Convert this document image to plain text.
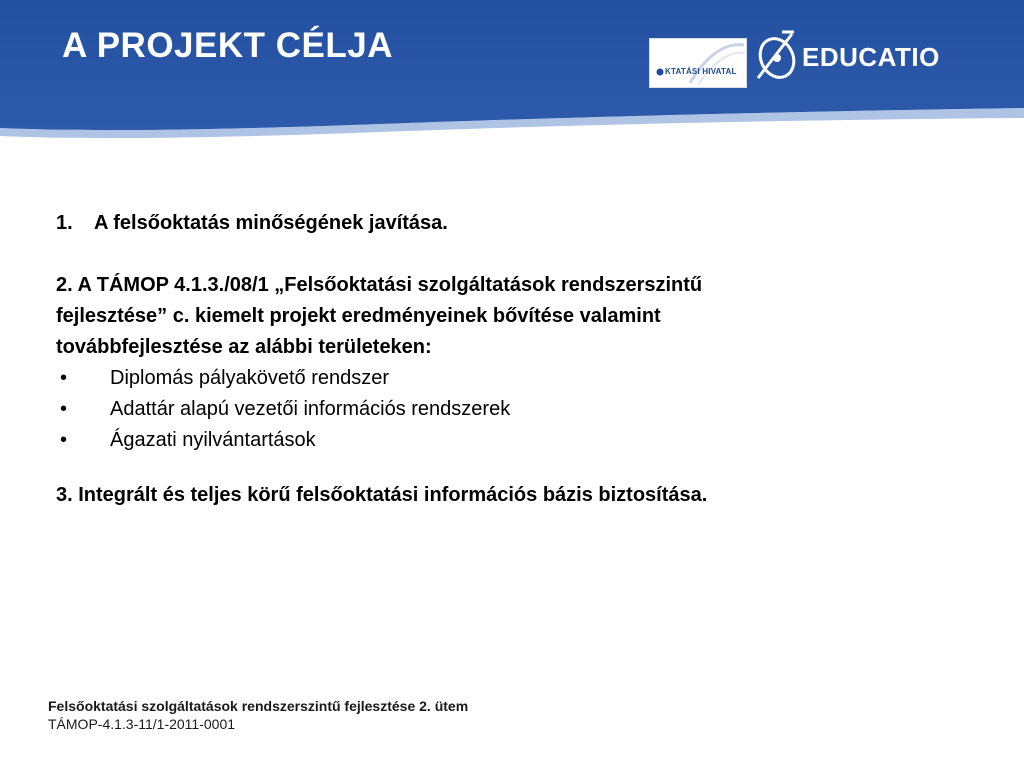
A PROJEKT CÉLJA
KTATÁSI HIVATAL	EDUCATIO
1.	A felsőoktatás minőségének javítása.
2. A TÁMOP 4.1.3./08/1 „Felsőoktatási szolgáltatások rendszerszintű
fejlesztése” c. kiemelt projekt eredményeinek bővítése valamint
továbbfejlesztése az alábbi területeken:
•	Diplomás pályakövető rendszer
•	Adattár alapú vezetői információs rendszerek
•	Ágazati nyilvántartások
3. Integrált és teljes körű felsőoktatási információs bázis biztosítása.
Felsőoktatási szolgáltatások rendszerszintű fejlesztése 2. ütem
TÁMOP-4.1.3-11/1-2011-0001
